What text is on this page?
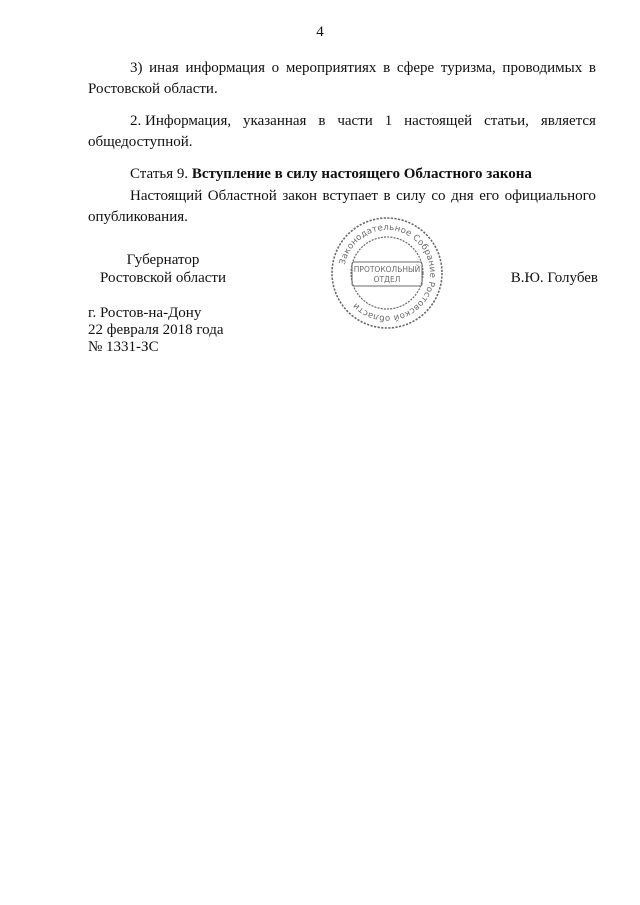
4
3) иная информация о мероприятиях в сфере туризма, проводимых в
Ростовской области.
2. Информация, указанная в части 1 настоящей статьи, является
общедоступной.
Статья 9. Вступление в силу настоящего Областного закона
Настоящий Областной закон вступает в силу со дня его официального
опубликования.
Губернатор
Ростовской области	В.Ю. Голубев
Законодательное Собрание Ростовской области
ПРОТОКОЛЬНЫЙ
ОТДЕЛ
г. Ростов-на-Дону
22 февраля 2018 года
№ 1331-ЗС
